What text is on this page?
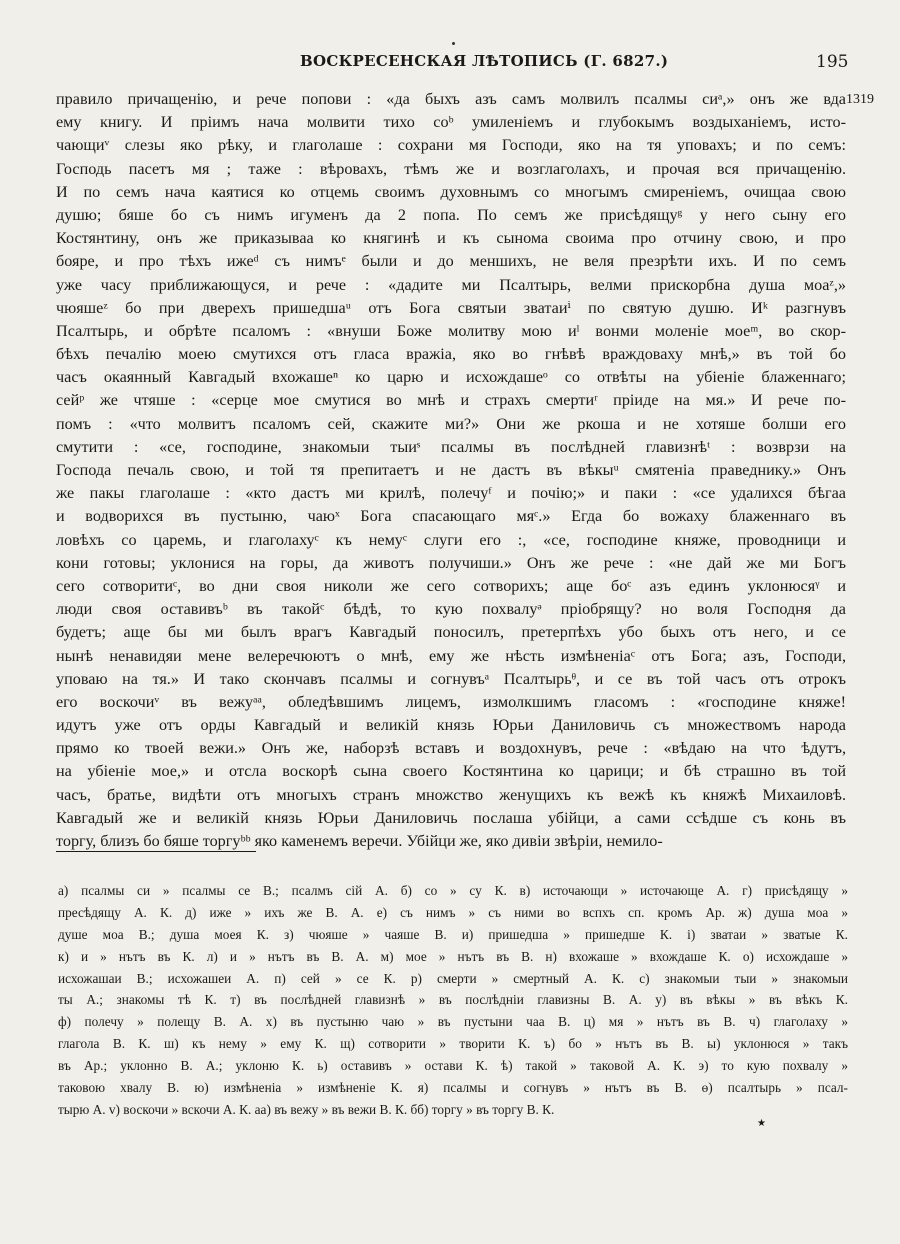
ВОСКРЕСЕНСКАЯ ЛѢТОПИСЬ (Г. 6827.)	195
1319
правило причащенію, и рече попови : «да быхъ азъ самъ молвилъ псалмы сиᵃ,» онъ же вда
ему книгу. И пріимъ нача молвити тихо соᵇ умиленіемъ и глубокымъ воздыханіемъ, исто-
чающиᵛ слезы яко рѣку, и глаголаше : сохрани мя Господи, яко на тя уповахъ; и по семъ:
Господь пасетъ мя ; таже : вѣровахъ, тѣмъ же и возглаголахъ, и прочая вся причащенію.
И по семъ нача каятися ко отцемь своимъ духовнымъ со многымъ смиреніемъ, очищаа свою
душю; бяше бо съ нимъ игуменъ да 2 попа. По семъ же присѣдящуᵍ у него сыну его
Костянтину, онъ же приказываа ко княгинѣ и къ сынома своима про отчину свою, и про
бояре, и про тѣхъ ижеᵈ съ нимъᵉ были и до меншихъ, не веля презрѣти ихъ. И по семъ
уже часу приближающуся, и рече : «дадите ми Псалтырь, велми прискорбна душа моаᶻ,»
чюяшеᶻ бо при дверехъ пришедшаᵘ отъ Бога святыи зватаиⁱ по святую душю. Иᵏ разгнувъ
Псалтырь, и обрѣте псаломъ : «внуши Боже молитву мою иˡ вонми моленіе моеᵐ, во скор-
бѣхъ печалію моею смутихся отъ гласа вражіа, яко во гнѣвѣ враждоваху мнѣ,» въ той бо
часъ окаянный Кавгадый вхожашеⁿ ко царю и исхождашеᵒ со отвѣты на убіеніе блаженнаго;
сейᵖ же чтяше : «серце мое смутися во мнѣ и страхъ смертиʳ пріиде на мя.» И рече по-
помъ : «что молвитъ псаломъ сей, скажите ми?» Они же ркоша и не хотяше болши его
смутити : «се, господине, знакомыи тыиˢ псалмы въ послѣдней главизнѣᵗ : возврзи на
Господа печаль свою, и той тя препитаетъ и не дастъ въ вѣкыᵘ смятеніа праведнику.» Онъ
же пакы глаголаше : «кто дастъ ми крилѣ, полечуᶠ и почію;» и паки : «се удалихся бѣгаа
и водворихся въ пустыню, чаюˣ Бога спасающаго мяᶜ.» Егда бо вожаху блаженнаго въ
ловѣхъ со царемь, и глаголахуᶜ къ немуᶜ слуги его :, «се, господине княже, проводници и
кони готовы; уклонися на горы, да животъ получиши.» Онъ же рече : «не дай же ми Богъ
сего сотворитиᶜ, во дни своя николи же сего сотворихъ; аще боᶜ азъ единъ уклонюсяᵞ и
люди своя оставивъᵇ въ такойᶜ бѣдѣ, то кую похвалуᵊ пріобрящу? но воля Господня да
будетъ; аще бы ми былъ врагъ Кавгадый поносилъ, претерпѣхъ убо быхъ отъ него, и се
нынѣ ненавидяи мене велеречюютъ о мнѣ, ему же нѣсть измѣненіаᶜ отъ Бога; азъ, Господи,
уповаю на тя.» И тако скончавъ псалмы и согнувъᵃ Псалтырьᶿ, и се въ той часъ отъ отрокъ
его воскочиᵛ въ вежуᵃᵃ, обледѣвшимъ лицемъ, измолкшимъ гласомъ : «господине княже!
идутъ уже отъ орды Кавгадый и великій князь Юрьи Даниловичь съ множествомъ народа
прямо ко твоей вежи.» Онъ же, наборзѣ вставъ и воздохнувъ, рече : «вѣдаю на что ѣдутъ,
на убіеніе мое,» и отсла воскорѣ сына своего Костянтина ко царици; и бѣ страшно въ той
часъ, братье, видѣти отъ многыхъ странъ множство женущихъ къ вежѣ къ княжѣ Михаиловѣ.
Кавгадый же и великій князь Юрьи Даниловичь послаша убійци, а сами ссѣдше съ конь въ
торгу, близъ бо бяше торгуᵇᵇ яко каменемъ веречи. Убійци же, яко дивіи звѣріи, немило-
а) псалмы си » псалмы се В.; псалмъ сій А. б) со » су К. в) источающи » источающе А. г) присѣдящу »
пресѣдящу А. К. д) иже » ихъ же В. А. е) съ нимъ » съ ними во вспхъ сп. кромъ Ар. ж) душа моа »
душе моа В.; душа моея К. з) чюяше » чаяше В. и) пришедша » пришедше К. і) зватаи » зватые К.
к) и » нътъ въ К. л) и » нътъ въ В. А. м) мое » нътъ въ В. н) вхожаше » вхождаше К. о) исхождаше »
исхожашаи В.; исхожашеи А. п) сей » се К. р) смерти » смертный А. К. с) знакомыи тыи » знакомыи
ты А.; знакомы тѣ К. т) въ послѣдней главизнѣ » въ послѣдніи главизны В. А. у) въ вѣкы » въ вѣкъ К.
ф) полечу » полещу В. А. х) въ пустыню чаю » въ пустыни чаа В. ц) мя » нътъ въ В. ч) глаголаху »
глагола В. К. ш) къ нему » ему К. щ) сотворити » творити К. ъ) бо » нътъ въ В. ы) уклонюся » такъ
въ Ар.; уклонно В. А.; уклоню К. ь) оставивъ » остави К. ѣ) такой » таковой А. К. э) то кую похвалу »
таковою хвалу В. ю) измѣненіа » измѣненіе К. я) псалмы и согнувъ » нътъ въ В. ѳ) псалтырь » псал-
тырю А. v) воскочи » вскочи А. К. аа) въ вежу » въ вежи В. К. бб) торгу » въ торгу В. К.
★
